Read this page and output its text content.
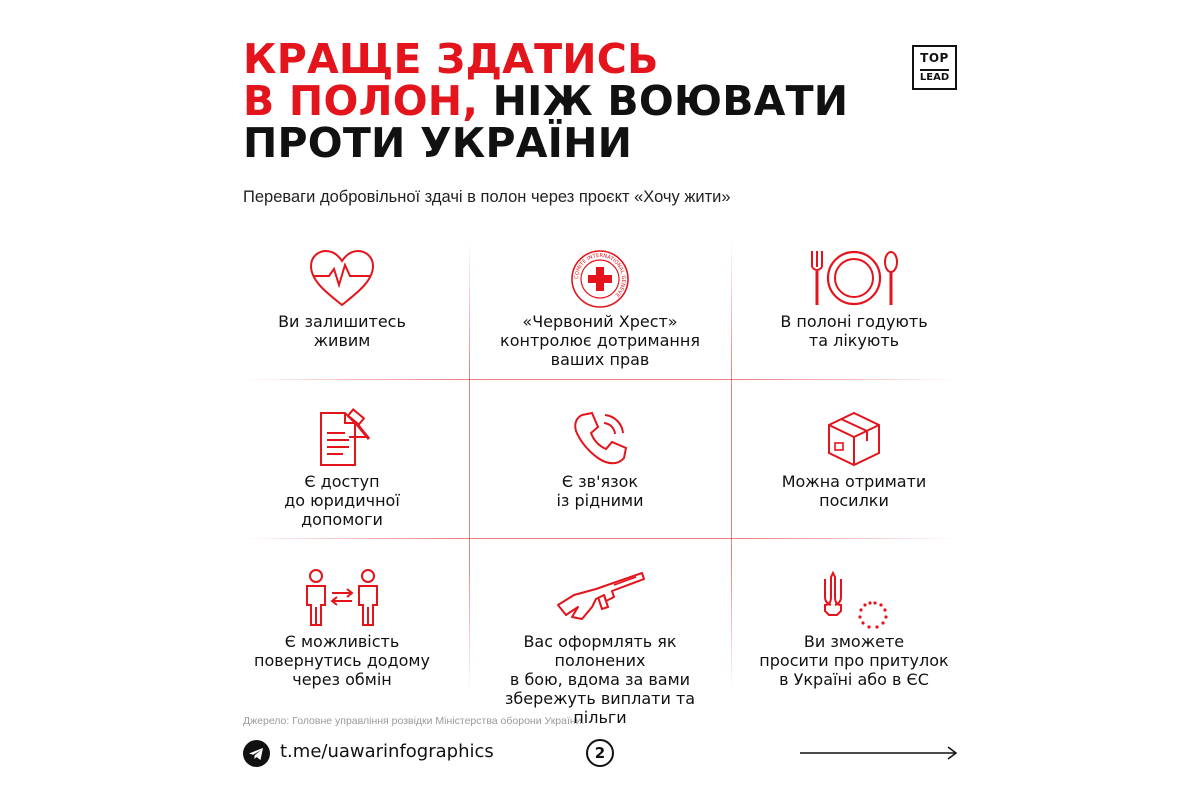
КРАЩЕ ЗДАТИСЬ
В ПОЛОН, НІЖ ВОЮВАТИ
ПРОТИ УКРАЇНИ
TOP
LEAD
Переваги добровільної здачі в полон через проєкт «Хочу жити»
Ви залишитесь
живим
COMITE INTERNATIONAL GENEVE
«Червоний Хрест»
контролює дотримання
ваших прав
В полоні годують
та лікують
Є доступ
до юридичної
допомоги
Є зв'язок
із рідними
Можна отримати
посилки
Є можливість
повернутись додому
через обмін
Вас оформлять як полонених
в бою, вдома за вами
збережуть виплати та пільги
Ви зможете
просити про притулок
в Україні або в ЄС
Джерело: Головне управління розвідки Міністерства оборони України.
t.me/uawarinfographics	2
